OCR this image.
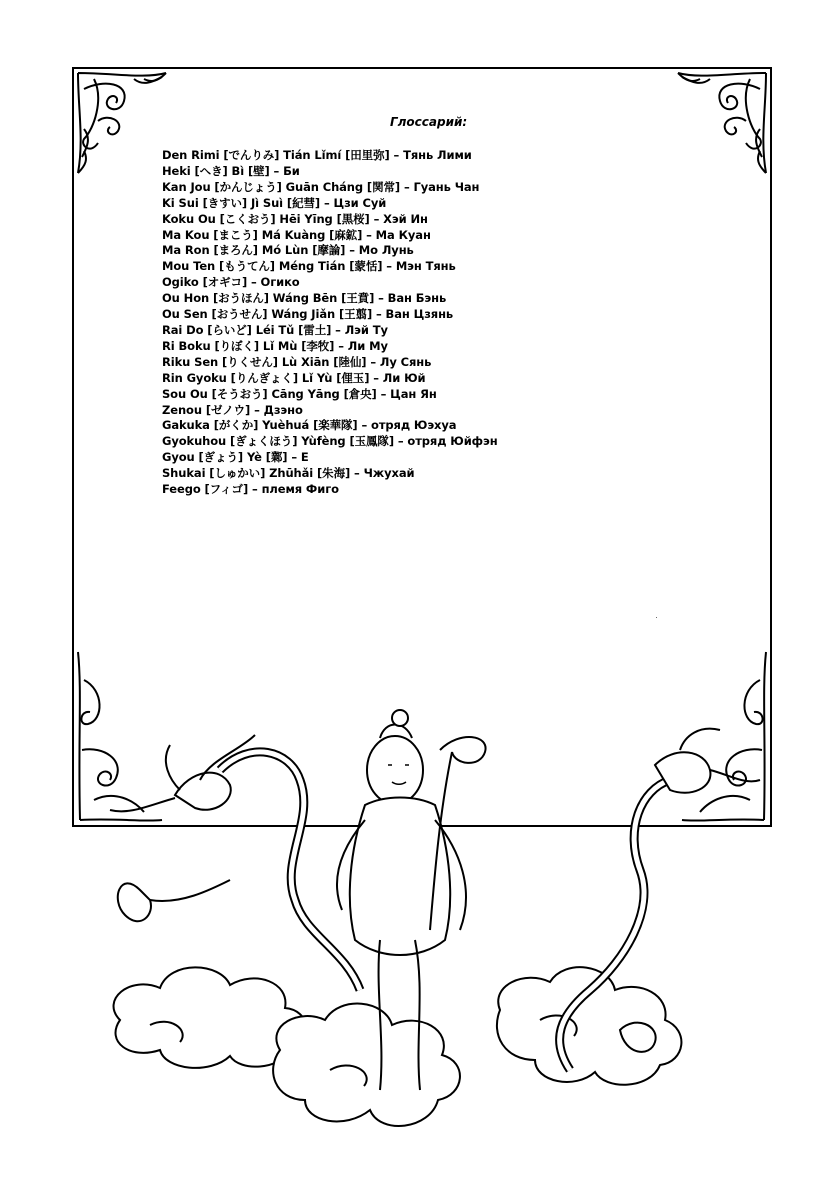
Глоссарий:
Den Rimi [でんりみ] Tián Lǐmí [田里弥] – Тянь Лими
Heki [へき] Bì [壁] – Би
Kan Jou [かんじょう] Guān Cháng [関常] – Гуань Чан
Ki Sui [きすい] Jì Suì [紀彗] – Цзи Суй
Koku Ou [こくおう] Hēi Yīng [黒桜] – Хэй Ин
Ma Kou [まこう] Má Kuàng [麻鉱] – Ма Куан
Ma Ron [まろん] Mó Lùn [摩論] – Мо Лунь
Mou Ten [もうてん] Méng Tián [蒙恬] – Мэн Тянь
Ogiko [オギコ] – Огико
Ou Hon [おうほん] Wáng Bēn [王賁] – Ван Бэнь
Ou Sen [おうせん] Wáng Jiǎn [王翦] – Ван Цзянь
Rai Do [らいど] Léi Tǔ [雷土] – Лэй Ту
Ri Boku [りぼく] Lǐ Mù [李牧] – Ли Му
Riku Sen [りくせん] Lù Xiān [陸仙] – Лу Сянь
Rin Gyoku [りんぎょく] Lǐ Yù [俚玉] – Ли Юй
Sou Ou [そうおう] Cāng Yāng [倉央] – Цан Ян
Zenou [ゼノウ] – Дзэно
Gakuka [がくか] Yuèhuá [楽華隊] – отряд Юэхуа
Gyokuhou [ぎょくほう] Yùfèng [玉鳳隊] – отряд Юйфэн
Gyou [ぎょう] Yè [鄴] – Е
Shukai [しゅかい] Zhūhǎi [朱海] – Чжухай
Feego [フィゴ] – племя Фиго
